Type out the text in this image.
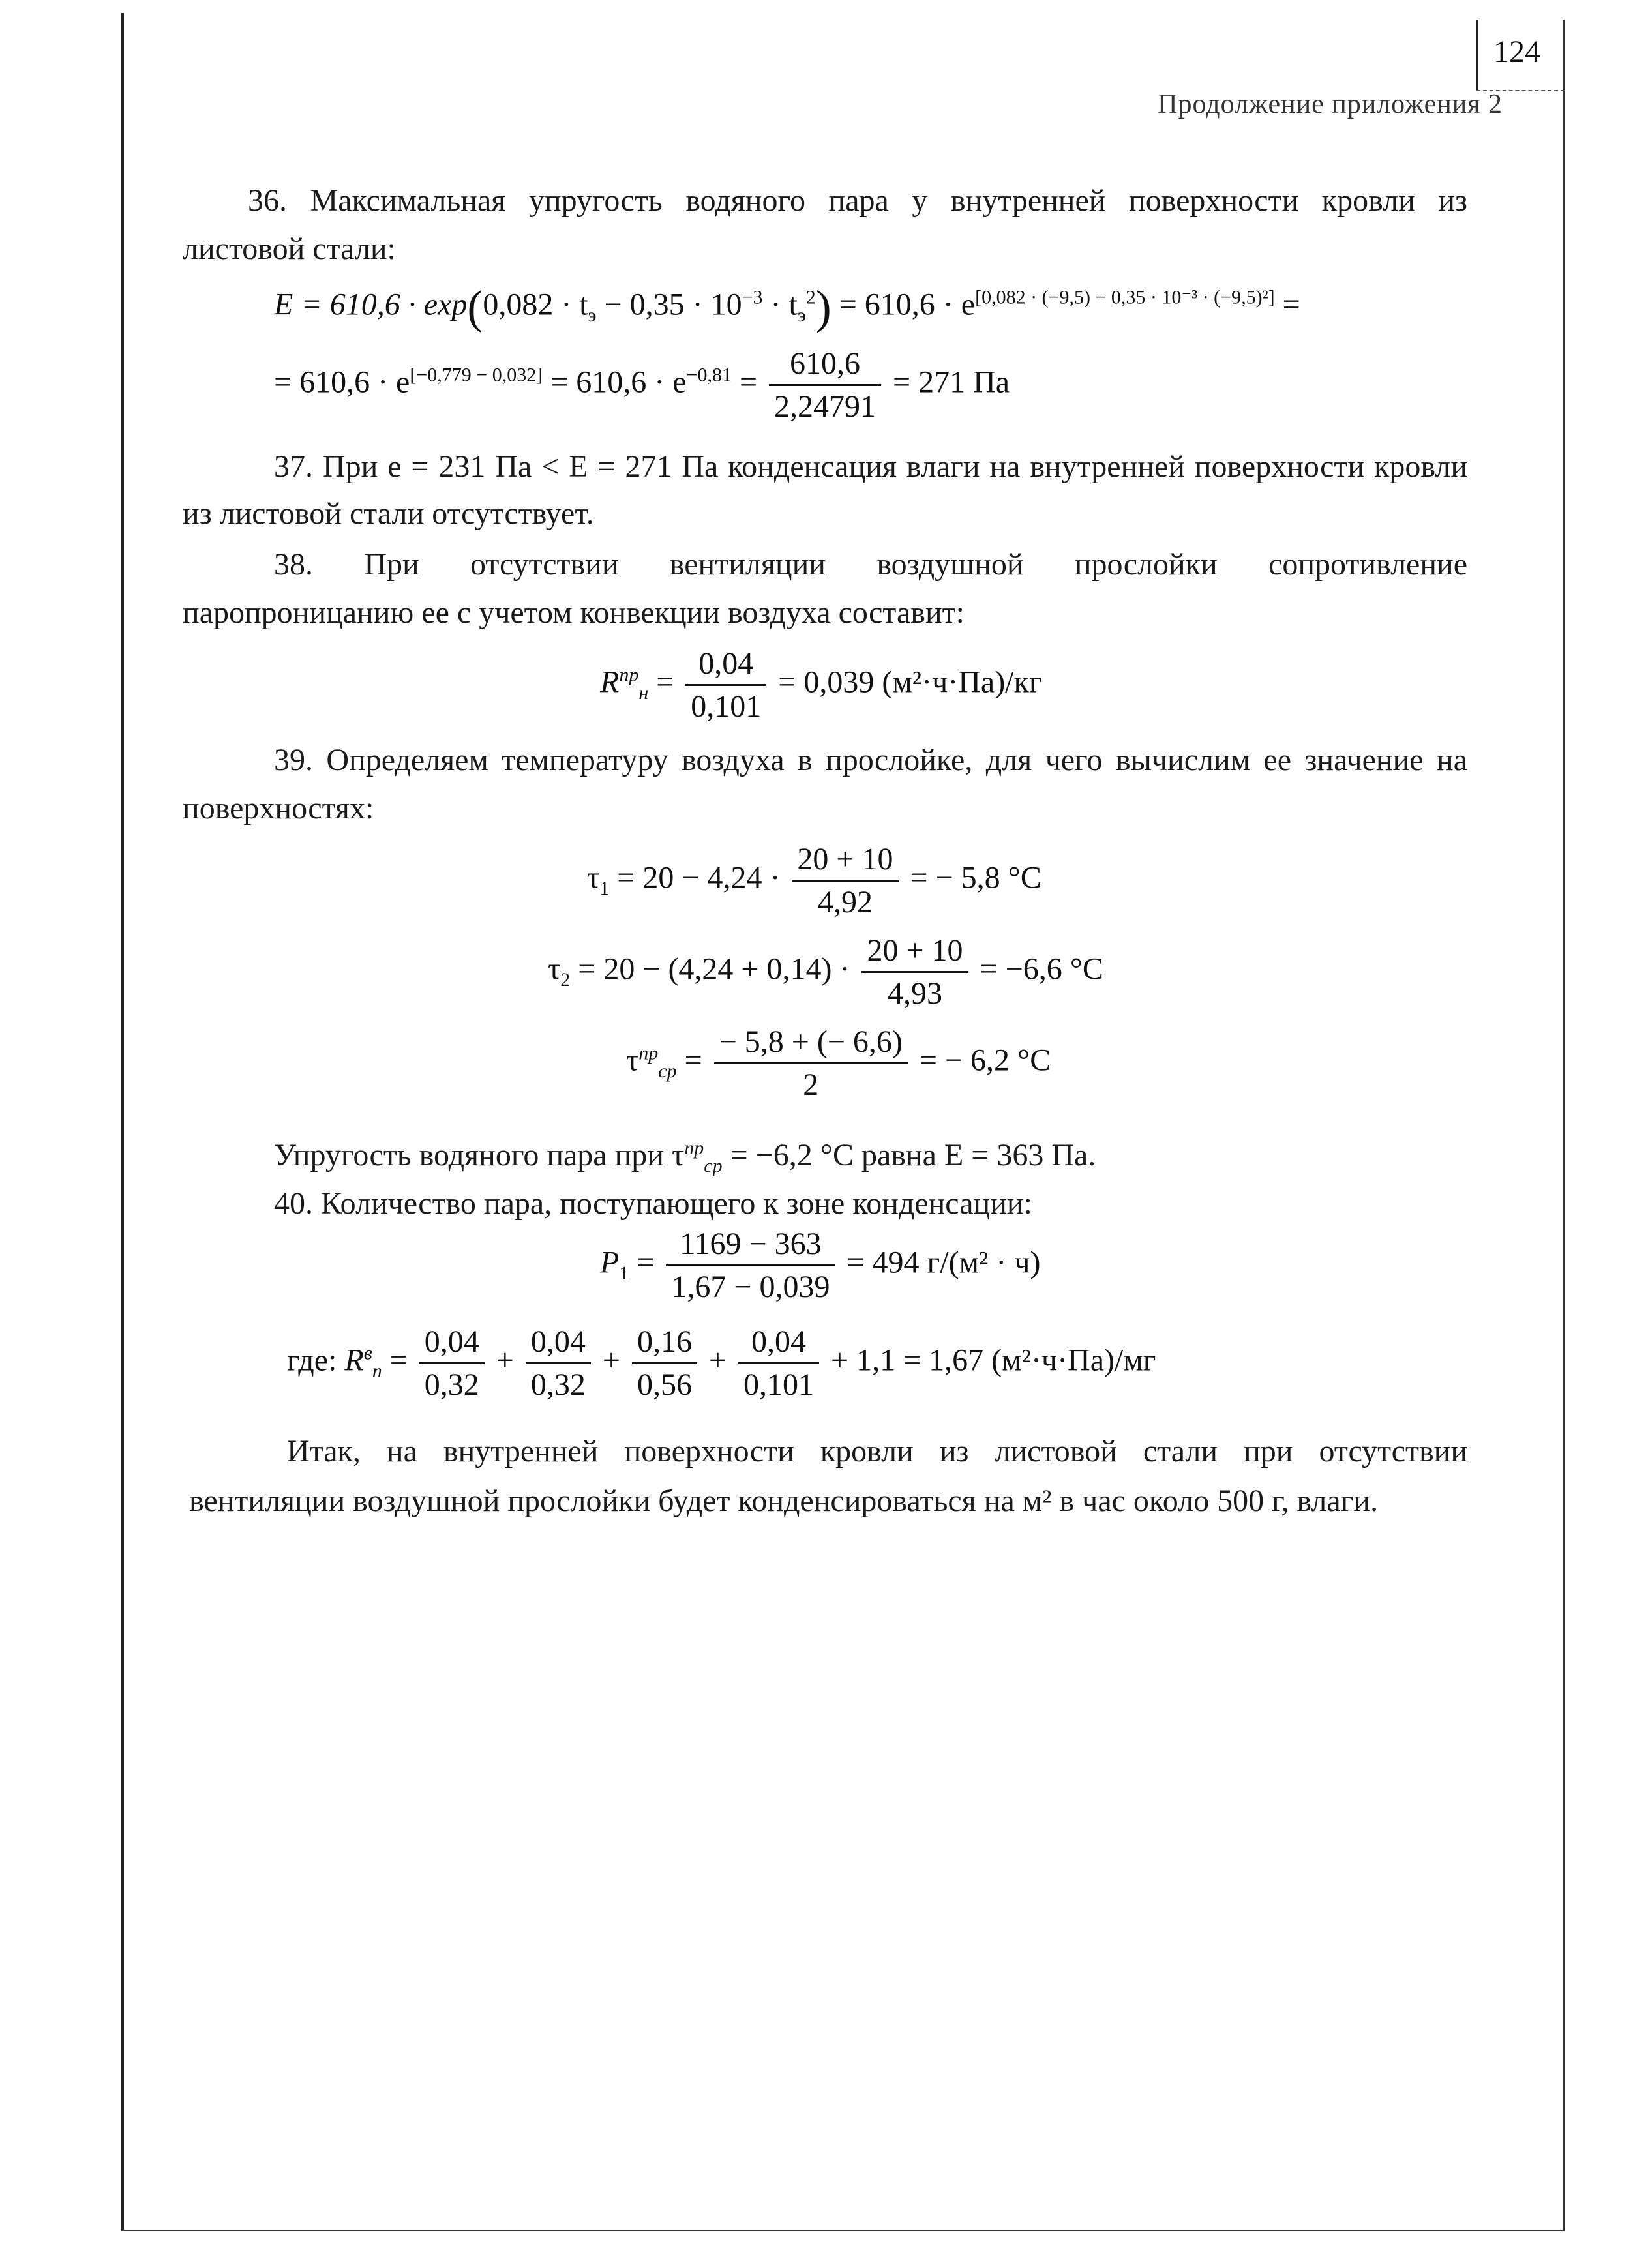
124
Продолжение приложения 2
36. Максимальная упругость водяного пара у внутренней поверхности кровли из
листовой стали:
$E = 610,6 \cdot \exp(0,082 \cdot t_э - 0,35 \cdot 10^{-3} \cdot t_э^2) = 610,6 \cdot e[0,082 \cdot (-9,5) - 0,35 \cdot 10^{-3} \cdot (-9,5)^2]$ =
= $610,6 \cdot e[-0,779 - 0,032] = 610,6 \cdot e^{-0,81} = \frac{610,6}{2,24791} = 271$ Па
37. При e = 231 Па < E = 271 Па конденсация влаги на внутренней поверхности кровли
из листовой стали отсутствует.
38. При отсутствии вентиляции воздушной прослойки сопротивление
паропроницанию ее с учетом конвекции воздуха составит:
$R^{пр}_н = \frac{0,04}{0,101} = 0,039$ (м²·ч·Па)/кг
39. Определяем температуру воздуха в прослойке, для чего вычислим ее значение на
поверхностях:
$\tau_1 = 20 - 4,24 \cdot \frac{20 + 10}{4,92}$ = − 5,8 °C
$\tau_2 = 20 - (4,24 + 0,14) \cdot \frac{20 + 10}{4,93} = -6,6$ °C
$\tau^{пр}_{ср} = \frac{- 5,8 + (- 6,6)}{2}$ = − 6,2 °C
Упругость водяного пара при $\tau^{пр}_{ср} = -6,2$ °C равна E = 363 Па.
40. Количество пара, поступающего к зоне конденсации:
$P_1 = \frac{1169 - 363}{1,67 - 0,039} = 494$ г/(м² · ч)
где: $R^в_п = \frac{0,04}{0,32} + \frac{0,04}{0,32} + \frac{0,16}{0,56} + \frac{0,04}{0,101} + 1,1 = 1,67$ (м²·ч·Па)/мг
Итак, на внутренней поверхности кровли из листовой стали при отсутствии
вентиляции воздушной прослойки будет конденсироваться на м² в час около 500 г, влаги.
